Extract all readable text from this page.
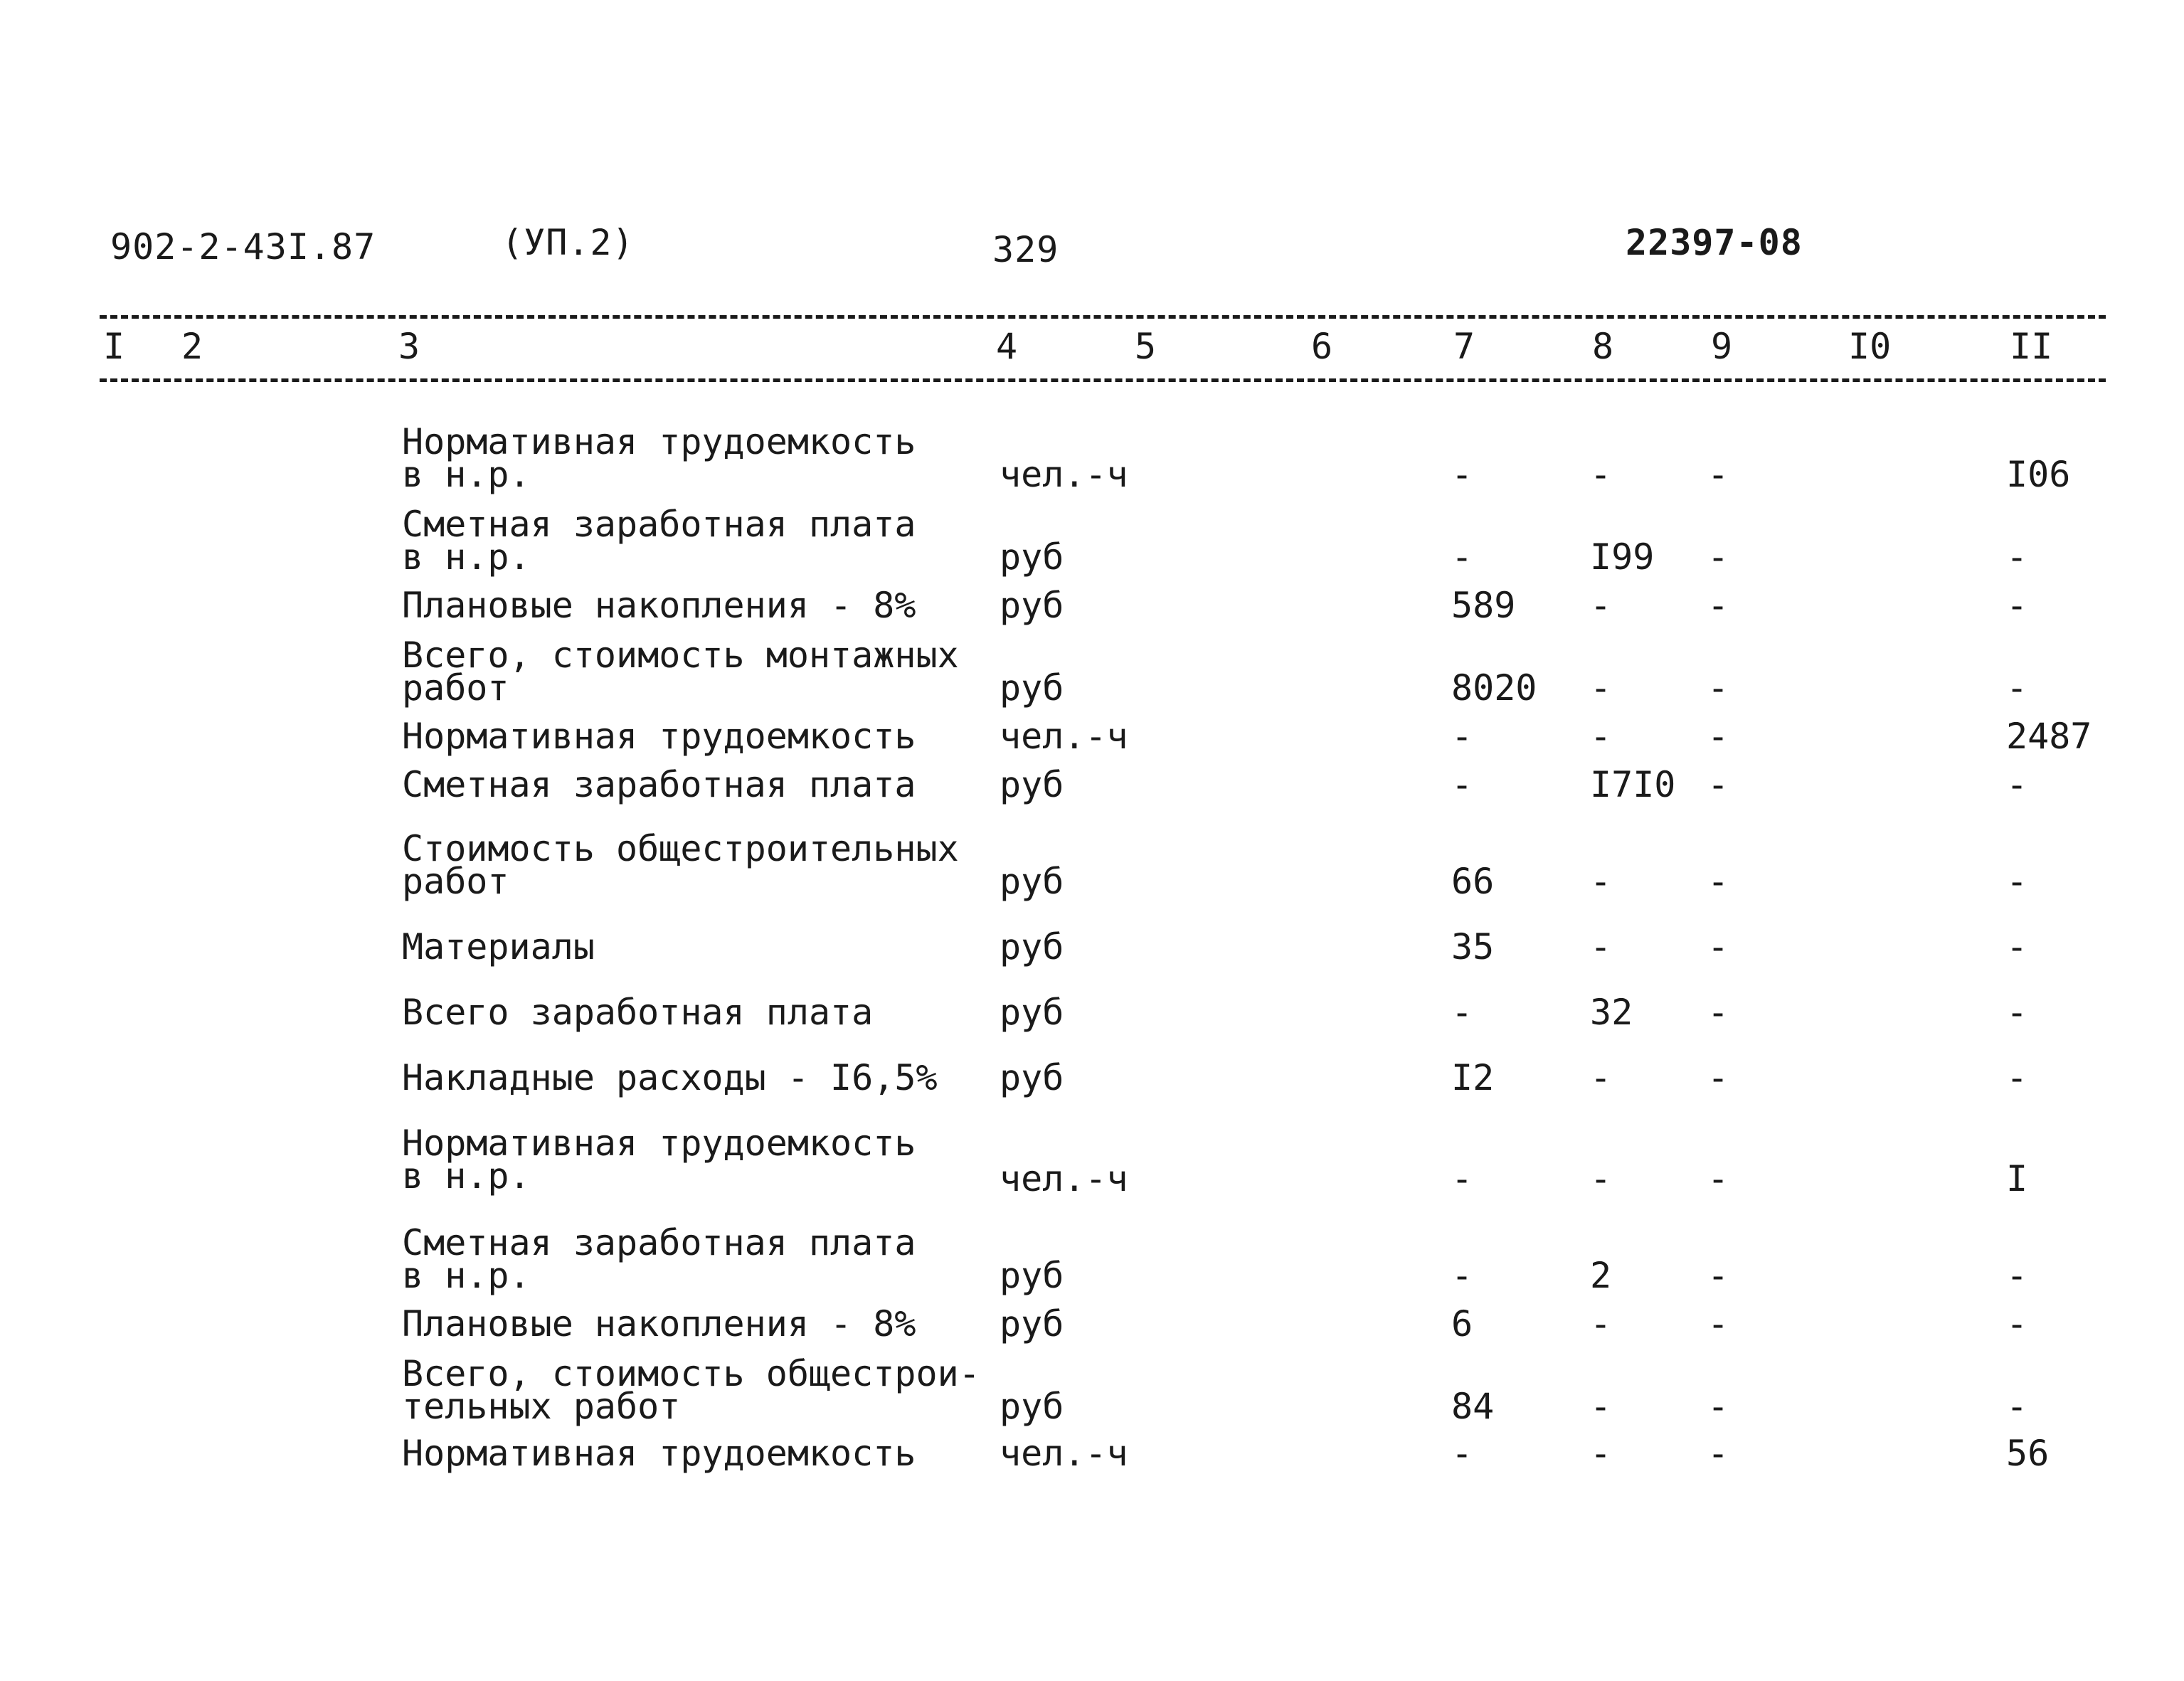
902-2-43I.87	(УП.2)	329	22397-08
I 2	3	4	5	6	7	8	9	I0	II
Нормативная трудоемкость
в н.р.	чел.-ч	-	-	-	I06
Сметная заработная плата
в н.р.	руб	-	I99 -	-
Плановые накопления - 8% руб	589 -	-	-
Всего, стоимость монтажных
работ	руб	8020 -	-	-
Нормативная трудоемкость чел.-ч	-	-	-	2487
Сметная заработная плата руб	-	I7I0 -	-
Стоимость общестроительных
работ	руб	66	-	-	-
Материалы	руб	35	-	-	-
Всего заработная плата	руб	-	32 -	-
Накладные расходы - I6,5% руб	I2	-	-	-
Нормативная трудоемкость
в н.р.	чел.-ч	-	-	-	I
Сметная заработная плата
в н.р.	руб	-	2	-	-
Плановые накопления - 8% руб	6	-	-	-
Всего, стоимость общестрои-
тельных работ	руб	84	-	-	-
Нормативная трудоемкость чел.-ч	-	-	-	56
